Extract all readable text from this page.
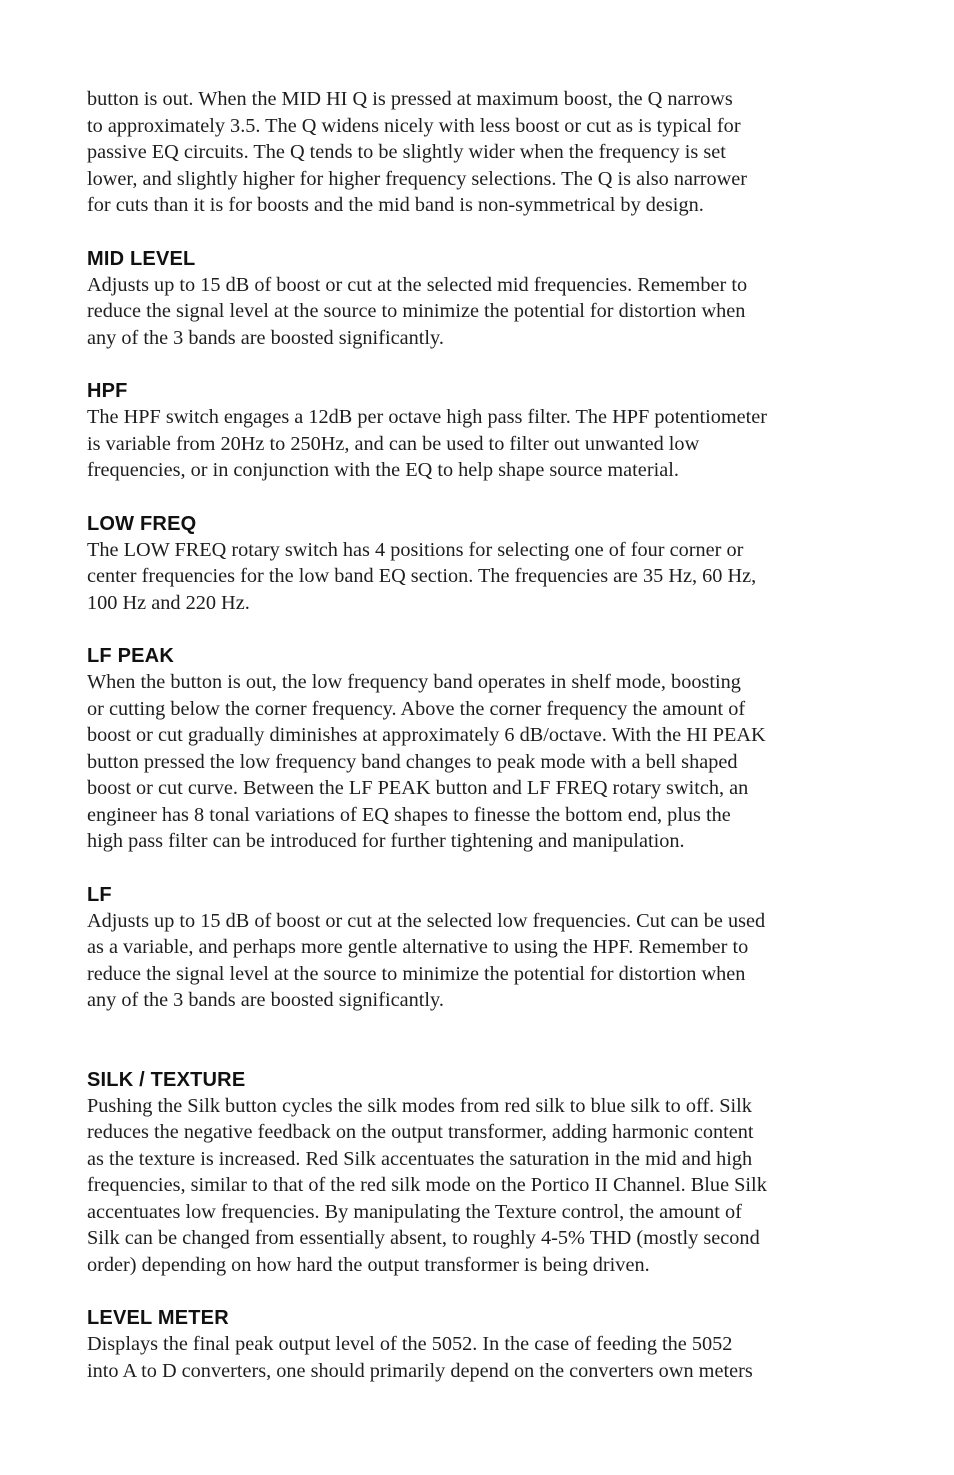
button is out. When the MID HI Q is pressed at maximum boost, the Q narrows
to approximately 3.5. The Q widens nicely with less boost or cut as is typical for
passive EQ circuits. The Q tends to be slightly wider when the frequency is set
lower, and slightly higher for higher frequency selections. The Q is also narrower
for cuts than it is for boosts and the mid band is non-symmetrical by design.

MID LEVEL

Adjusts up to 15 dB of boost or cut at the selected mid frequencies. Remember to
reduce the signal level at the source to minimize the potential for distortion when
any of the 3 bands are boosted significantly.

HPF

The HPF switch engages a 12dB per octave high pass filter. The HPF potentiometer
is variable from 20Hz to 250Hz, and can be used to filter out unwanted low
frequencies, or in conjunction with the EQ to help shape source material.

LOW FREQ

The LOW FREQ rotary switch has 4 positions for selecting one of four corner or
center frequencies for the low band EQ section. The frequencies are 35 Hz, 60 Hz,
100 Hz and 220 Hz.

LF PEAK

When the button is out, the low frequency band operates in shelf mode, boosting
or cutting below the corner frequency. Above the corner frequency the amount of
boost or cut gradually diminishes at approximately 6 dB/octave. With the HI PEAK
button pressed the low frequency band changes to peak mode with a bell shaped
boost or cut curve. Between the LF PEAK button and LF FREQ rotary switch, an
engineer has 8 tonal variations of EQ shapes to finesse the bottom end, plus the
high pass filter can be introduced for further tightening and manipulation.

LF

Adjusts up to 15 dB of boost or cut at the selected low frequencies. Cut can be used
as a variable, and perhaps more gentle alternative to using the HPF. Remember to
reduce the signal level at the source to minimize the potential for distortion when
any of the 3 bands are boosted significantly.

SILK / TEXTURE

Pushing the Silk button cycles the silk modes from red silk to blue silk to off. Silk
reduces the negative feedback on the output transformer, adding harmonic content
as the texture is increased. Red Silk accentuates the saturation in the mid and high
frequencies, similar to that of the red silk mode on the Portico II Channel. Blue Silk
accentuates low frequencies. By manipulating the Texture control, the amount of
Silk can be changed from essentially absent, to roughly 4-5% THD (mostly second
order) depending on how hard the output transformer is being driven.

LEVEL METER

Displays the final peak output level of the 5052. In the case of feeding the 5052
into A to D converters, one should primarily depend on the converters own meters
